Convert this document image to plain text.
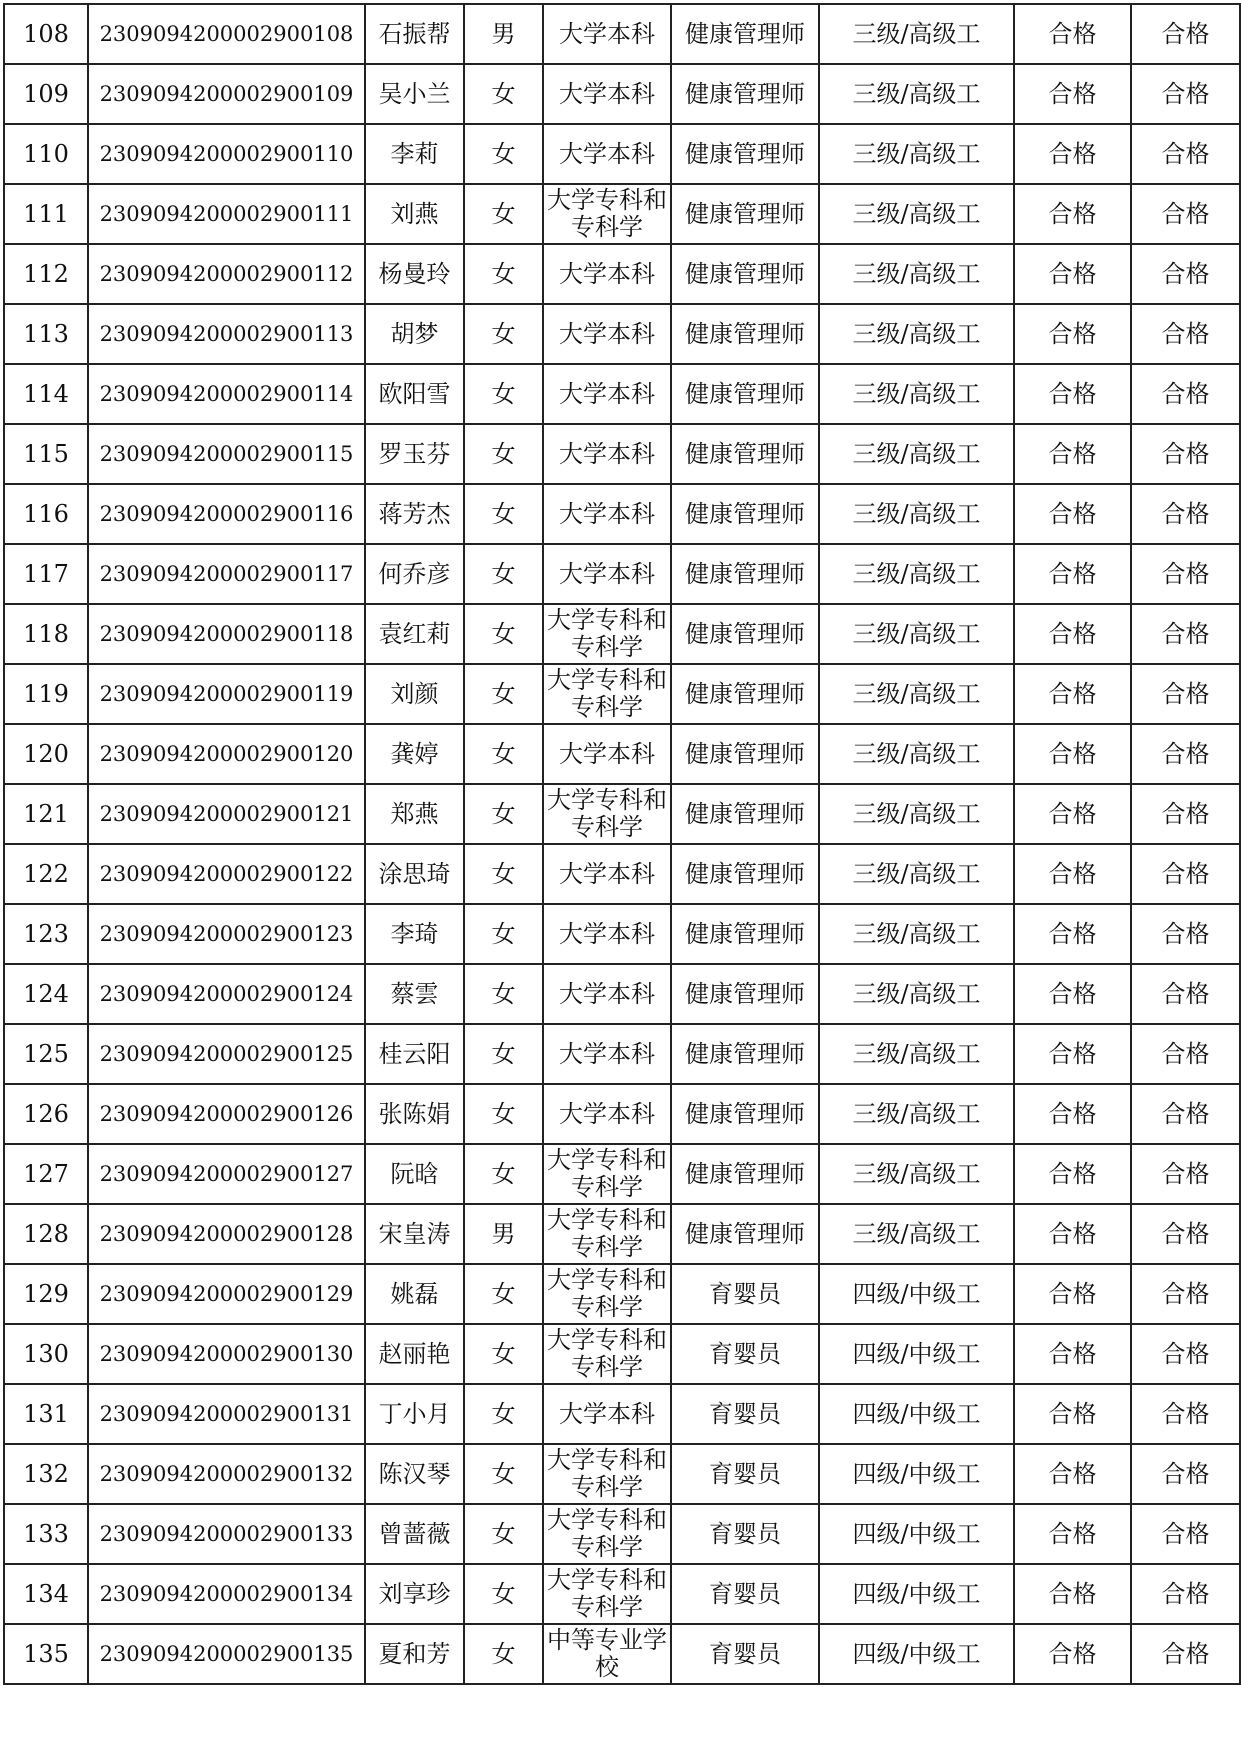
108	2309094200002900108	石振帮	男	大学本科	健康管理师	三级/高级工	合格	合格
109	2309094200002900109	吴小兰	女	大学本科	健康管理师	三级/高级工	合格	合格
110	2309094200002900110	李莉	女	大学本科	健康管理师	三级/高级工	合格	合格
111	2309094200002900111	刘燕	女	大学专科和专科学	健康管理师	三级/高级工	合格	合格
112	2309094200002900112	杨曼玲	女	大学本科	健康管理师	三级/高级工	合格	合格
113	2309094200002900113	胡梦	女	大学本科	健康管理师	三级/高级工	合格	合格
114	2309094200002900114	欧阳雪	女	大学本科	健康管理师	三级/高级工	合格	合格
115	2309094200002900115	罗玉芬	女	大学本科	健康管理师	三级/高级工	合格	合格
116	2309094200002900116	蒋芳杰	女	大学本科	健康管理师	三级/高级工	合格	合格
117	2309094200002900117	何乔彦	女	大学本科	健康管理师	三级/高级工	合格	合格
118	2309094200002900118	袁红莉	女	大学专科和专科学	健康管理师	三级/高级工	合格	合格
119	2309094200002900119	刘颜	女	大学专科和专科学	健康管理师	三级/高级工	合格	合格
120	2309094200002900120	龚婷	女	大学本科	健康管理师	三级/高级工	合格	合格
121	2309094200002900121	郑燕	女	大学专科和专科学	健康管理师	三级/高级工	合格	合格
122	2309094200002900122	涂思琦	女	大学本科	健康管理师	三级/高级工	合格	合格
123	2309094200002900123	李琦	女	大学本科	健康管理师	三级/高级工	合格	合格
124	2309094200002900124	蔡雲	女	大学本科	健康管理师	三级/高级工	合格	合格
125	2309094200002900125	桂云阳	女	大学本科	健康管理师	三级/高级工	合格	合格
126	2309094200002900126	张陈娟	女	大学本科	健康管理师	三级/高级工	合格	合格
127	2309094200002900127	阮晗	女	大学专科和专科学	健康管理师	三级/高级工	合格	合格
128	2309094200002900128	宋皇涛	男	大学专科和专科学	健康管理师	三级/高级工	合格	合格
129	2309094200002900129	姚磊	女	大学专科和专科学	育婴员	四级/中级工	合格	合格
130	2309094200002900130	赵丽艳	女	大学专科和专科学	育婴员	四级/中级工	合格	合格
131	2309094200002900131	丁小月	女	大学本科	育婴员	四级/中级工	合格	合格
132	2309094200002900132	陈汉琴	女	大学专科和专科学	育婴员	四级/中级工	合格	合格
133	2309094200002900133	曾蔷薇	女	大学专科和专科学	育婴员	四级/中级工	合格	合格
134	2309094200002900134	刘享珍	女	大学专科和专科学	育婴员	四级/中级工	合格	合格
135	2309094200002900135	夏和芳	女	中等专业学校	育婴员	四级/中级工	合格	合格
